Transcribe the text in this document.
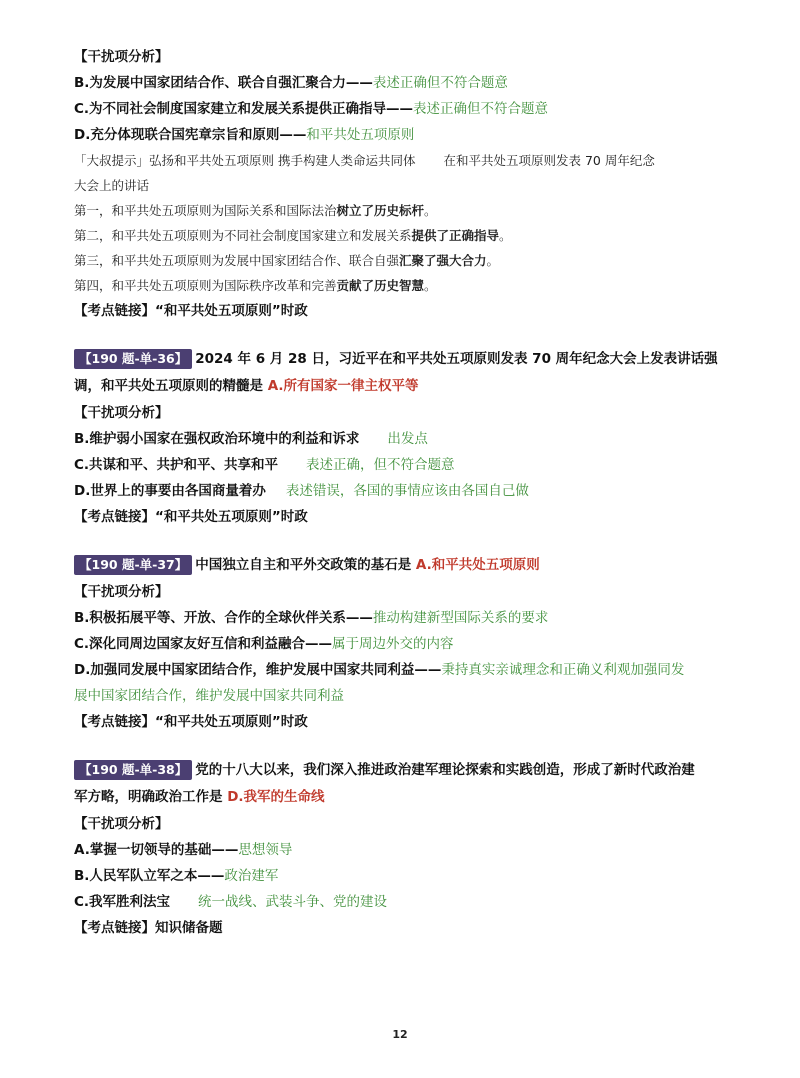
【干扰项分析】
B.为发展中国家团结合作、联合自强汇聚合力——表述正确但不符合题意
C.为不同社会制度国家建立和发展关系提供正确指导——表述正确但不符合题意
D.充分体现联合国宪章宗旨和原则——和平共处五项原则
「大叔提示」弘扬和平共处五项原则 携手构建人类命运共同体 在和平共处五项原则发表 70 周年纪念
大会上的讲话
第一，和平共处五项原则为国际关系和国际法治树立了历史标杆。
第二，和平共处五项原则为不同社会制度国家建立和发展关系提供了正确指导。
第三，和平共处五项原则为发展中国家团结合作、联合自强汇聚了强大合力。
第四，和平共处五项原则为国际秩序改革和完善贡献了历史智慧。
【考点链接】“和平共处五项原则”时政
【190 题-单-36】 2024 年 6 月 28 日，习近平在和平共处五项原则发表 70 周年纪念大会上发表讲话强
调，和平共处五项原则的精髓是 A.所有国家一律主权平等
【干扰项分析】
B.维护弱小国家在强权政治环境中的利益和诉求 出发点
C.共谋和平、共护和平、共享和平 表述正确，但不符合题意
D.世界上的事要由各国商量着办 表述错误，各国的事情应该由各国自己做
【考点链接】“和平共处五项原则”时政
【190 题-单-37】 中国独立自主和平外交政策的基石是 A.和平共处五项原则
【干扰项分析】
B.积极拓展平等、开放、合作的全球伙伴关系——推动构建新型国际关系的要求
C.深化同周边国家友好互信和利益融合——属于周边外交的内容
D.加强同发展中国家团结合作，维护发展中国家共同利益——秉持真实亲诚理念和正确义利观加强同发
展中国家团结合作，维护发展中国家共同利益
【考点链接】“和平共处五项原则”时政
【190 题-单-38】 党的十八大以来，我们深入推进政治建军理论探索和实践创造，形成了新时代政治建
军方略，明确政治工作是 D.我军的生命线
【干扰项分析】
A.掌握一切领导的基础——思想领导
B.人民军队立军之本——政治建军
C.我军胜利法宝 统一战线、武装斗争、党的建设
【考点链接】知识储备题
12
